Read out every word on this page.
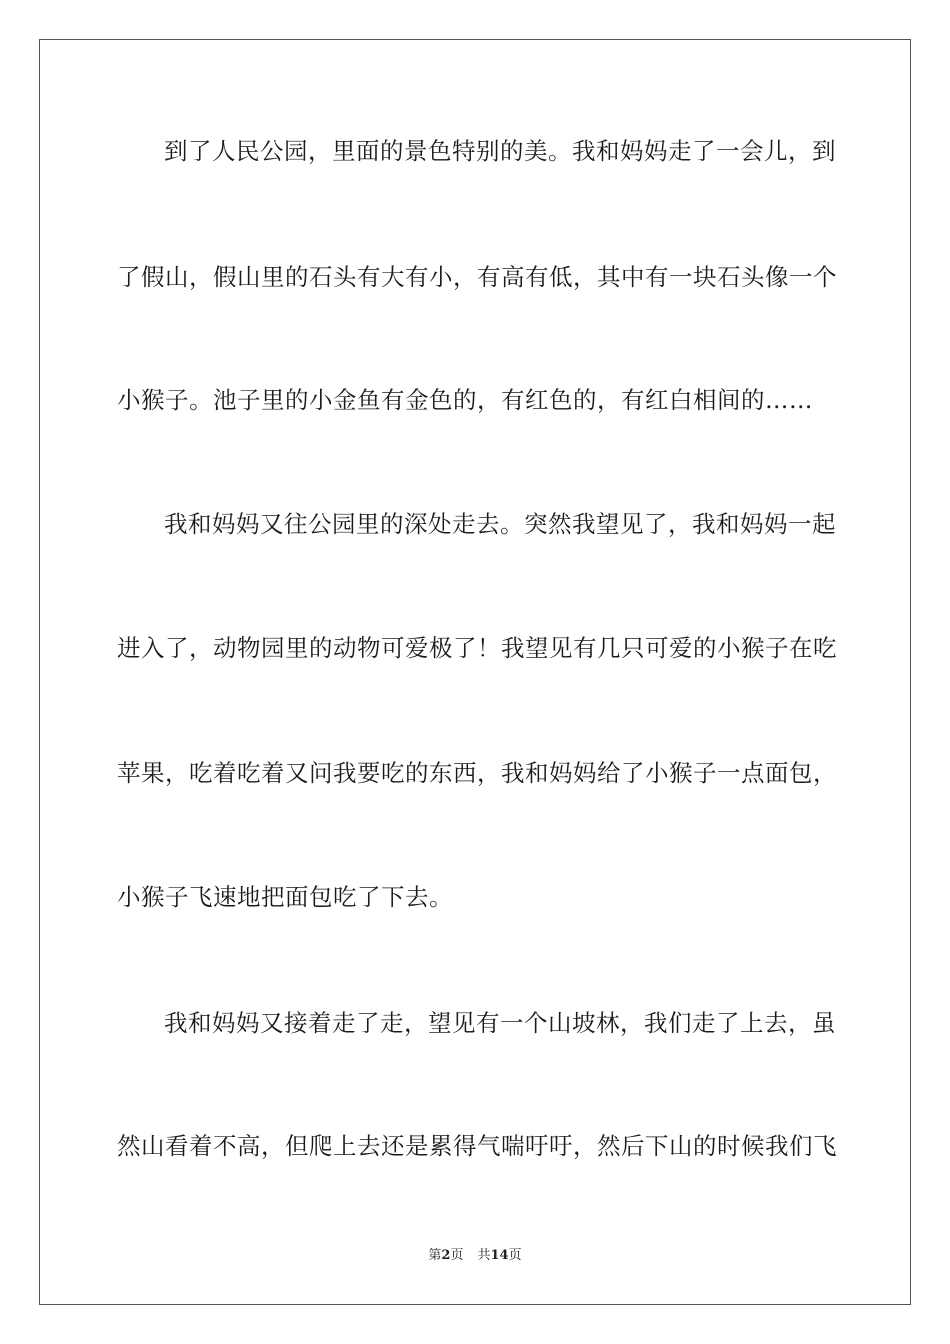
到了人民公园，里面的景色特别的美。我和妈妈走了一会儿，到
了假山，假山里的石头有大有小，有高有低，其中有一块石头像一个
小猴子。池子里的小金鱼有金色的，有红色的，有红白相间的……
我和妈妈又往公园里的深处走去。突然我望见了，我和妈妈一起
进入了，动物园里的动物可爱极了！我望见有几只可爱的小猴子在吃
苹果，吃着吃着又问我要吃的东西，我和妈妈给了小猴子一点面包，
小猴子飞速地把面包吃了下去。
我和妈妈又接着走了走，望见有一个山坡林，我们走了上去，虽
然山看着不高，但爬上去还是累得气喘吁吁，然后下山的时候我们飞
第2页 共14页
